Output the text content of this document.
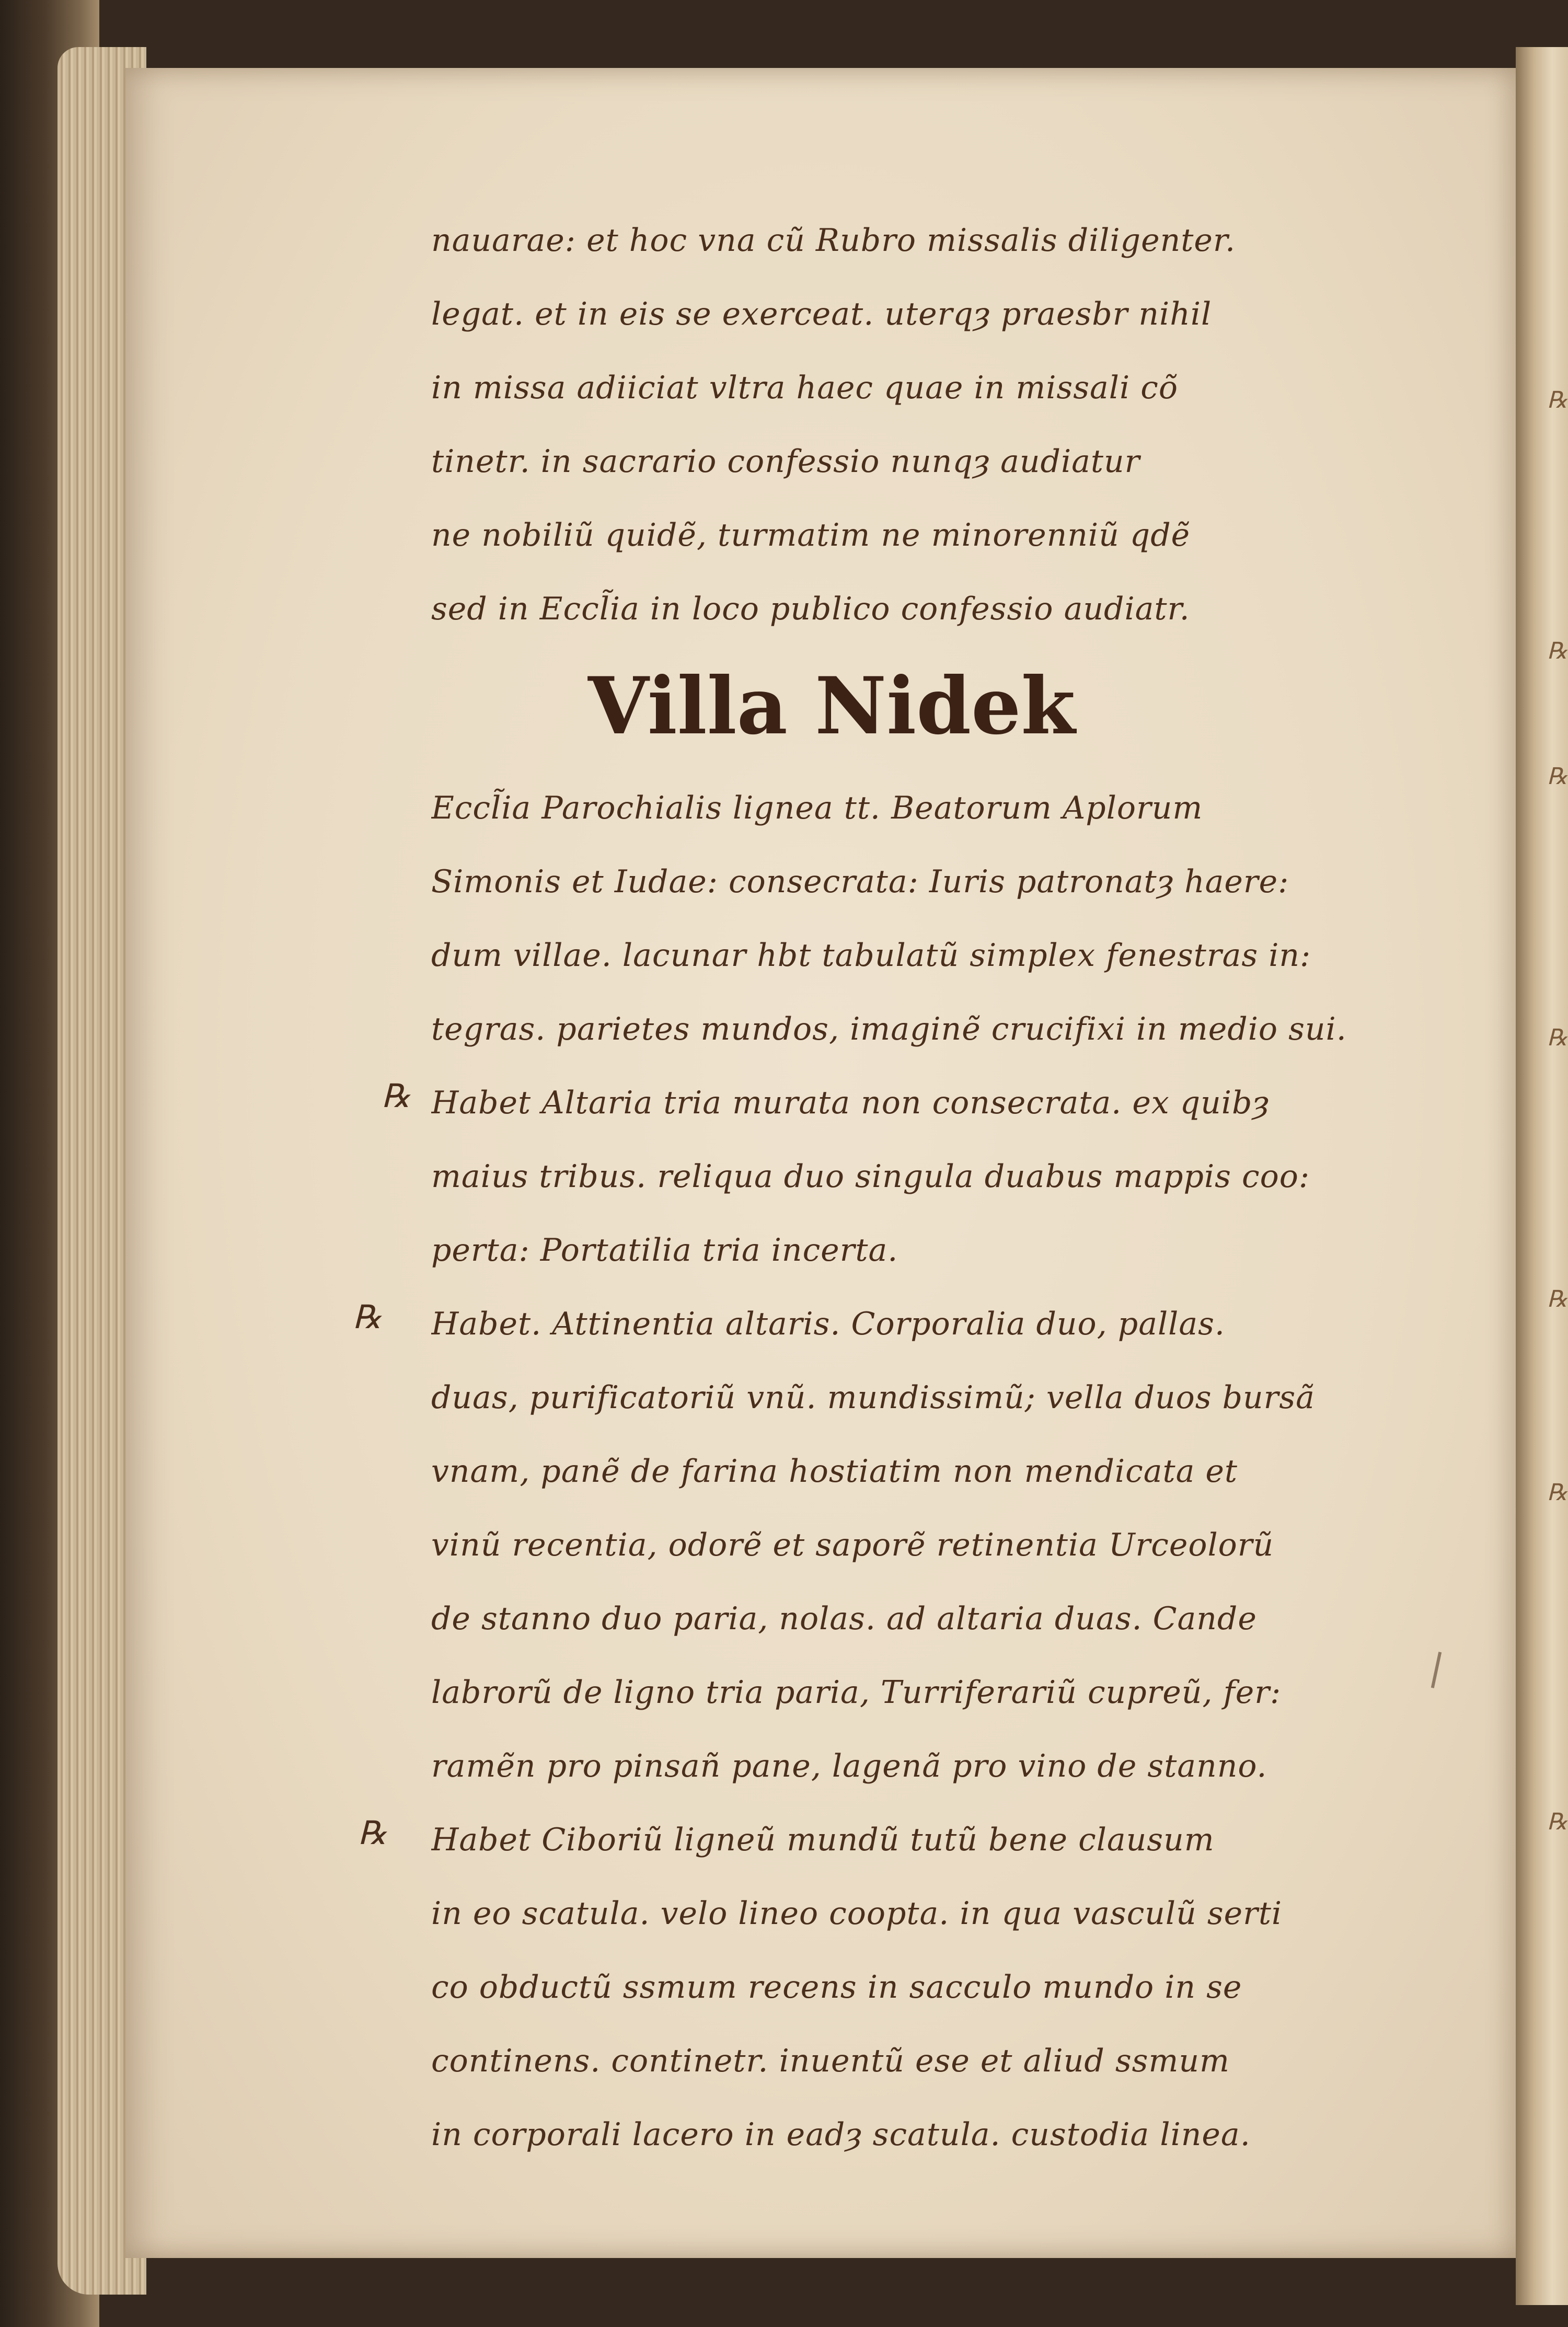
℞
℞
℞
℞
℞
℞
℞
nauarae: et hoc vna cũ Rubro missalis diligenter.
legat. et in eis se exerceat. uterqȝ praesbr nihil
in missa adiiciat vltra haec quae in missali cõ
tinetr. in sacrario confessio nunqȝ audiatur
ne nobiliũ quidẽ, turmatim ne minorenniũ qdẽ
sed in Eccl̃ia in loco publico confessio audiatr.
Villa Nidek
Eccl̃ia Parochialis lignea tt. Beatorum Aplorum
Simonis et Iudae: consecrata: Iuris patronatȝ haere:
dum villae. lacunar hbt tabulatũ simplex fenestras in:
tegras. parietes mundos, imaginẽ crucifixi in medio sui.
℞ Habet Altaria tria murata non consecrata. ex quibȝ
maius tribus. reliqua duo singula duabus mappis coo:
perta: Portatilia tria incerta.
℞	Habet. Attinentia altaris. Corporalia duo, pallas.
duas, purificatoriũ vnũ. mundissimũ; vella duos bursã
vnam, panẽ de farina hostiatim non mendicata et
vinũ recentia, odorẽ et saporẽ retinentia Urceolorũ
de stanno duo paria, nolas. ad altaria duas. Cande
labrorũ de ligno tria paria, Turriferariũ cupreũ, fer:
ramẽn pro pinsañ pane, lagenã pro vino de stanno.
℞	Habet Ciboriũ ligneũ mundũ tutũ bene clausum
in eo scatula. velo lineo coopta. in qua vasculũ serti
co obductũ ssmum recens in sacculo mundo in se
continens. continetr. inuentũ ese et aliud ssmum
in corporali lacero in eadȝ scatula. custodia linea.
